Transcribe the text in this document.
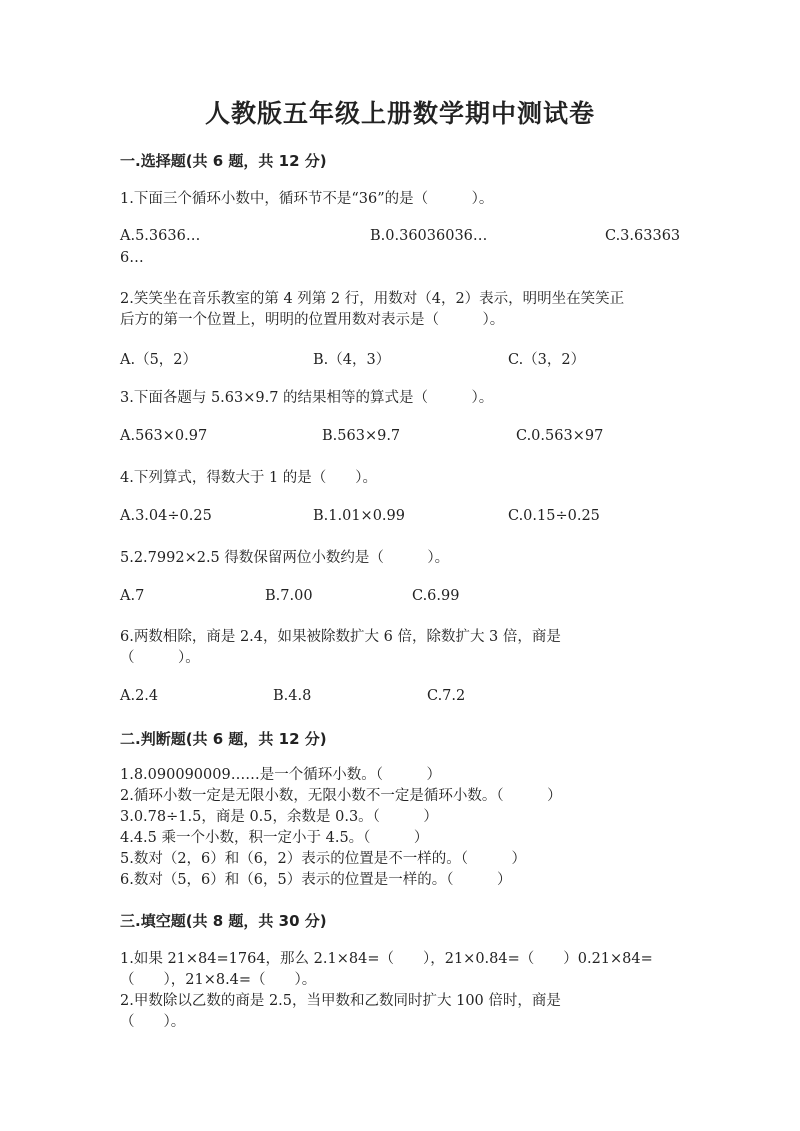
人教版五年级上册数学期中测试卷
一.选择题(共 6 题，共 12 分)
1.下面三个循环小数中，循环节不是“36”的是（　　　）。
A.5.3636…	B.0.36036036…	C.3.63363
6…
2.笑笑坐在音乐教室的第 4 列第 2 行，用数对（4，2）表示，明明坐在笑笑正
后方的第一个位置上，明明的位置用数对表示是（　　　）。
A.（5，2）	B.（4，3）	C.（3，2）
3.下面各题与 5.63×9.7 的结果相等的算式是（　　　）。
A.563×0.97	B.563×9.7	C.0.563×97
4.下列算式，得数大于 1 的是（　　）。
A.3.04÷0.25	B.1.01×0.99	C.0.15÷0.25
5.2.7992×2.5 得数保留两位小数约是（　　　）。
A.7	B.7.00	C.6.99
6.两数相除，商是 2.4，如果被除数扩大 6 倍，除数扩大 3 倍，商是
（　　　）。
A.2.4	B.4.8	C.7.2
二.判断题(共 6 题，共 12 分)
1.8.090090009……是一个循环小数。（　　　）
2.循环小数一定是无限小数，无限小数不一定是循环小数。（　　　）
3.0.78÷1.5，商是 0.5，余数是 0.3。（　　　）
4.4.5 乘一个小数，积一定小于 4.5。（　　　）
5.数对（2，6）和（6，2）表示的位置是不一样的。（　　　）
6.数对（5，6）和（6，5）表示的位置是一样的。（　　　）
三.填空题(共 8 题，共 30 分)
1.如果 21×84=1764，那么 2.1×84=（　　），21×0.84=（　　）0.21×84=
（　　），21×8.4=（　　）。
2.甲数除以乙数的商是 2.5，当甲数和乙数同时扩大 100 倍时，商是
（　　）。
